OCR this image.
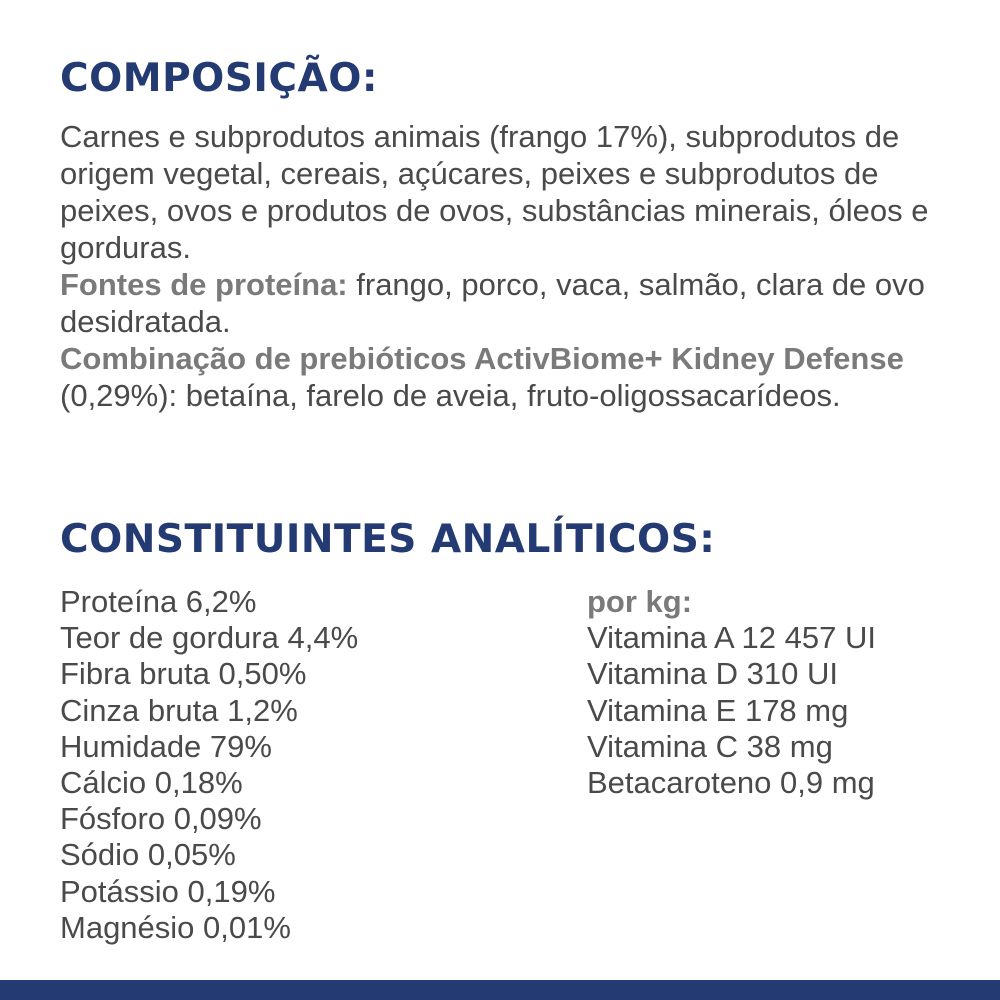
COMPOSIÇÃO:

Carnes e subprodutos animais (frango 17%), subprodutos de origem vegetal, cereais, açúcares, peixes e subprodutos de peixes, ovos e produtos de ovos, substâncias minerais, óleos e gorduras.
Fontes de proteína: frango, porco, vaca, salmão, clara de ovo desidratada.
Combinação de prebióticos ActivBiome+ Kidney Defense (0,29%): betaína, farelo de aveia, fruto-oligossacarídeos.

CONSTITUINTES ANALÍTICOS:
Proteína 6,2%
Teor de gordura 4,4%
Fibra bruta 0,50%
Cinza bruta 1,2%
Humidade 79%
Cálcio 0,18%
Fósforo 0,09%
Sódio 0,05%
Potássio 0,19%
Magnésio 0,01%
por kg:
Vitamina A 12 457 UI
Vitamina D 310 UI
Vitamina E 178 mg
Vitamina C 38 mg
Betacaroteno 0,9 mg
